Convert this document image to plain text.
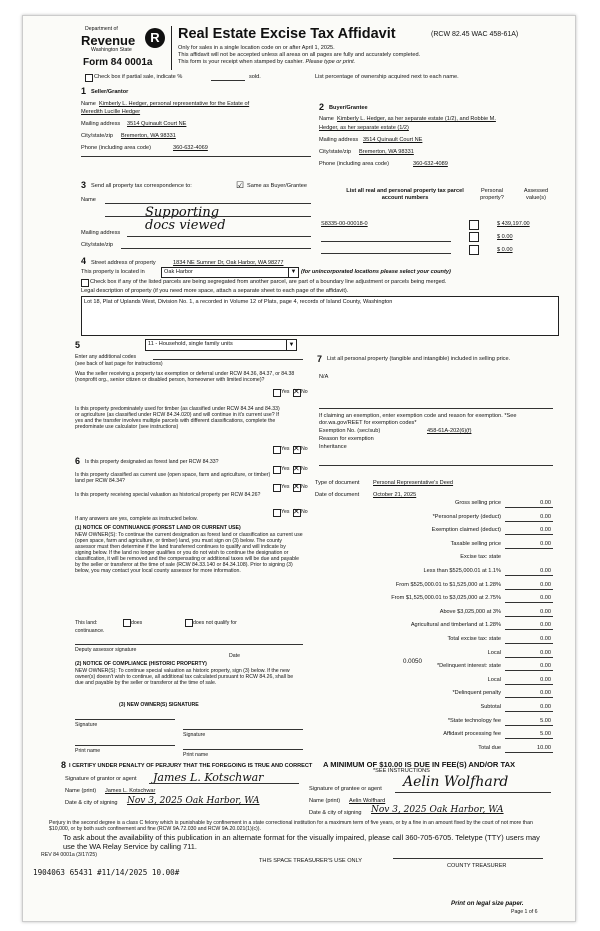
Department of
Revenue
Washington State
R
Form 84 0001a
Real Estate Excise Tax Affidavit	(RCW 82.45 WAC 458-61A)
Only for sales in a single location code on or after April 1, 2025.
This affidavit will not be accepted unless all areas on all pages are fully and accurately completed.
This form is your receipt when stamped by cashier. Please type or print.
Check box if partial sale, indicate %	sold.	List percentage of ownership acquired next to each name.
1 Seller/Grantor
Name Kimberly L. Hedger, personal representative for the Estate of
Meredith Lucille Hedger
Mailing address 3514 Quinault Court NE
City/state/zip Bremerton, WA 98331
Phone (including area code)	360-632-4069
2 Buyer/Grantee
Name Kimberly L. Hedger, as her separate estate (1/2), and Robbie M.
Hedger, as her separate estate (1/2)
Mailing address 3514 Quinault Court NE
City/state/zip Bremerton, WA 98331
Phone (including area code)	360-632-4089
3 Send all property tax correspondence to:	☑ Same as Buyer/Grantee
Name
Supporting
docs viewed
Mailing address
City/state/zip
List all real and personal property tax parcel account numbers
Personal property?
Assessed value(s)
S8335-00-00018-0	$ 439,197.00
$ 0.00
$ 0.00
4 Street address of property	1834 NE Sumner Dr, Oak Harbor, WA 98277
This property is located in	Oak Harbor	▼ (for unincorporated locations please select your county)
Check box if any of the listed parcels are being segregated from another parcel, are part of a boundary line adjustment or parcels being merged.
Legal description of property (if you need more space, attach a separate sheet to each page of the affidavit).
Lot 18, Plat of Uplands West, Division No. 1, a recorded in Volume 12 of Plats, page 4, records of Island County, Washington
5	11 - Household, single family units	▼
Enter any additional codes
(see back of last page for instructions)
Was the seller receiving a property tax exemption or deferral under RCW 84.36, 84.37, or 84.38 (nonprofit org., senior citizen or disabled person, homeowner with limited income)?
Yes ✕ No
Is this property predominately used for timber (as classified under RCW 84.34 and 84.33) or agriculture (as classified under RCW 84.34.020) and will continue in it's current use? If yes and the transfer involves multiple parcels with different classifications, complete the predominate use calculator (see instructions)
Yes ✕ No
6 Is this property designated as forest land per RCW 84.33?
Yes ✕ No
Is this property classified as current use (open space, farm and agriculture, or timber) land per RCW 84.34?
Yes ✕ No
Is this property receiving special valuation as historical property per RCW 84.26?
Yes ✕ No
If any answers are yes, complete as instructed below.
(1) NOTICE OF CONTINUANCE (FOREST LAND OR CURRENT USE)
NEW OWNER(S): To continue the current designation as forest land or classification as current use (open space, farm and agriculture, or timber) land, you must sign on (3) below. The county assessor must then determine if the land transferred continues to qualify and will indicate by signing below. If the land no longer qualifies or you do not wish to continue the designation or classification, it will be removed and the compensating or additional taxes will be due and payable by the seller or transferor at the time of sale (RCW 84.33.140 or 84.34.108). Prior to signing (3) below, you may contact your local county assessor for more information.
This land:	does	does not qualify for
continuance.
Deputy assessor signature
Date
(2) NOTICE OF COMPLIANCE (HISTORIC PROPERTY)
NEW OWNER(S): To continue special valuation as historic property, sign (3) below. If the new owner(s) doesn't wish to continue, all additional tax calculated pursuant to RCW 84.26, shall be due and payable by the seller or transferor at the time of sale.
(3) NEW OWNER(S) SIGNATURE
Signature
Signature
Print name
Print name
7 List all personal property (tangible and intangible) included in selling price.
N/A
If claiming an exemption, enter exemption code and reason for exemption. *See dor.wa.gov/REET for exemption codes*
Exemption No. (sec/sub)	458-61A-202(6)(f)
Reason for exemption
Inheritance
Type of document Personal Representative's Deed
Date of document October 21, 2025
Gross selling price	0.00
*Personal property (deduct)	0.00
Exemption claimed (deduct)	0.00
Taxable selling price	0.00
Excise tax: state
Less than $525,000.01 at 1.1%	0.00
From $525,000.01 to $1,525,000 at 1.28%	0.00
From $1,525,000.01 to $3,025,000 at 2.75%	0.00
Above $3,025,000 at 3%	0.00
Agricultural and timberland at 1.28%	0.00
Total excise tax: state	0.00
Local	0.00
*Delinquent interest: state	0.00
Local	0.00
*Delinquent penalty	0.00
Subtotal	0.00
*State technology fee	5.00
Affidavit processing fee	5.00
Total due	10.00
0.0050
A MINIMUM OF $10.00 IS DUE IN FEE(S) AND/OR TAX
*SEE INSTRUCTIONS
8 I CERTIFY UNDER PENALTY OF PERJURY THAT THE FOREGOING IS TRUE AND CORRECT
Signature of grantor or agent James L. Kotschwar
Name (print) James L. Kotschwar
Date & city of signing Nov 3, 2025 Oak Harbor, WA
Signature of grantee or agent Aelin Wolfhard
Name (print) Aelin Wolfhard
Date & city of signing Nov 3, 2025 Oak Harbor, WA
Perjury in the second degree is a class C felony which is punishable by confinement in a state correctional institution for a maximum term of five years, or by a fine in an amount fixed by the court of not more than $10,000, or by both such confinement and fine (RCW 9A.72.030 and RCW 9A.20.021(1)(c)).
To ask about the availability of this publication in an alternate format for the visually impaired, please call 360-705-6705. Teletype (TTY) users may use the WA Relay Service by calling 711.
REV 84 0001a (3/17/25)
THIS SPACE TREASURER'S USE ONLY
COUNTY TREASURER
1904063 65431 #11/14/2025 10.00#
Print on legal size paper.
Page 1 of 6
